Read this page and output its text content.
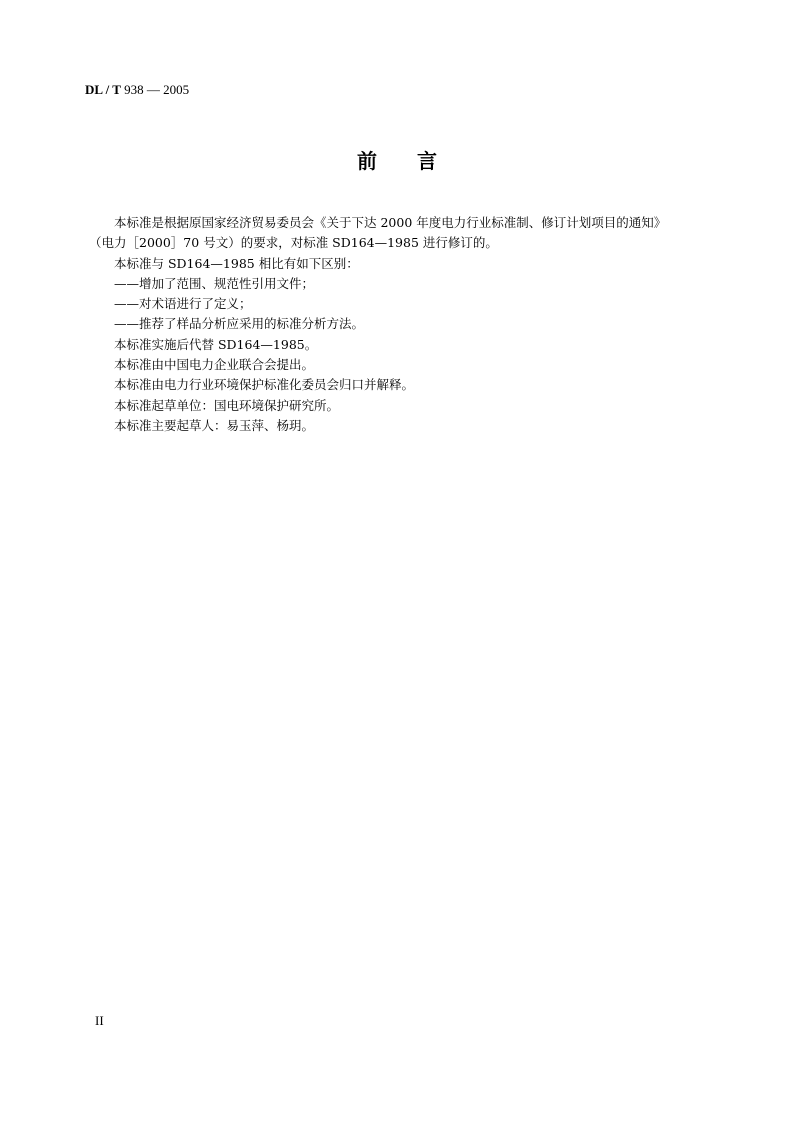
DL / T 938 — 2005
前　　言

本标准是根据原国家经济贸易委员会《关于下达 2000 年度电力行业标准制、修订计划项目的通知》

（电力［2000］70 号文）的要求，对标准 SD164—1985 进行修订的。

本标准与 SD164—1985 相比有如下区别：

——增加了范围、规范性引用文件；

——对术语进行了定义；

——推荐了样品分析应采用的标准分析方法。

本标准实施后代替 SD164—1985。

本标准由中国电力企业联合会提出。

本标准由电力行业环境保护标准化委员会归口并解释。

本标准起草单位：国电环境保护研究所。

本标准主要起草人：易玉萍、杨玥。

II
